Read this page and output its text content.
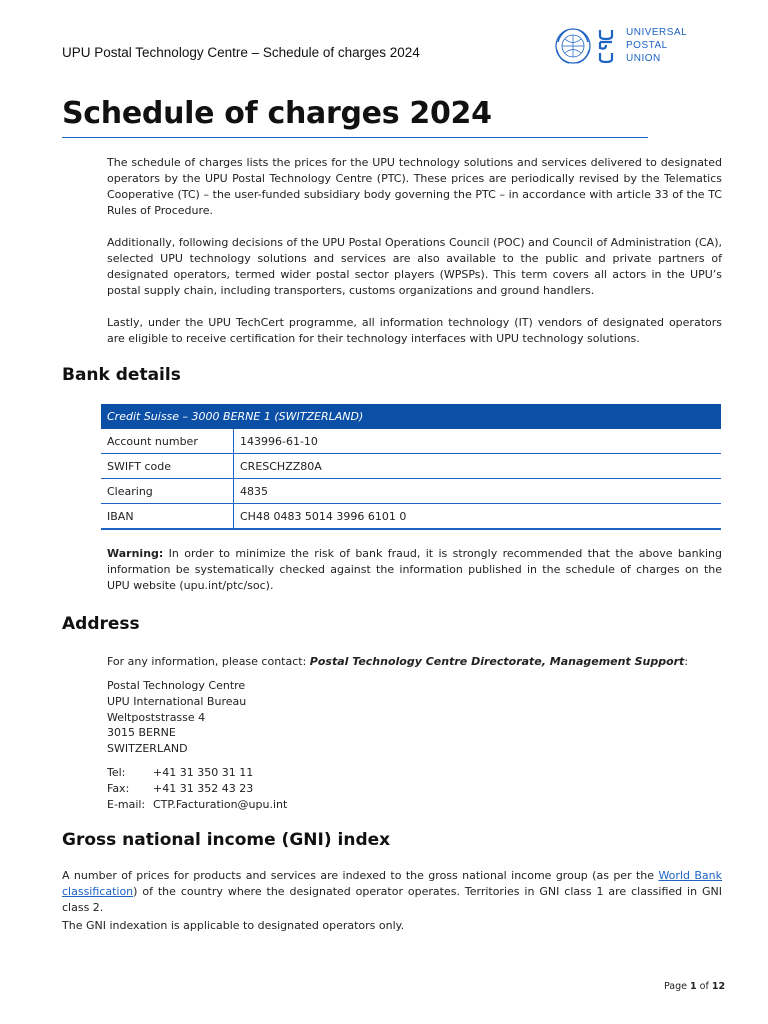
UPU Postal Technology Centre – Schedule of charges 2024
UNIVERSAL
POSTAL
UNION
Schedule of charges 2024

The schedule of charges lists the prices for the UPU technology solutions and services delivered to designated operators by the UPU Postal Technology Centre (PTC). These prices are periodically revised by the Telematics Cooperative (TC) – the user-funded subsidiary body governing the PTC – in accordance with article 33 of the TC Rules of Procedure.

Additionally, following decisions of the UPU Postal Operations Council (POC) and Council of Administration (CA), selected UPU technology solutions and services are also available to the public and private partners of designated operators, termed wider postal sector players (WPSPs). This term covers all actors in the UPU’s postal supply chain, including transporters, customs organizations and ground handlers.

Lastly, under the UPU TechCert programme, all information technology (IT) vendors of designated operators are eligible to receive certification for their technology interfaces with UPU technology solutions.

Bank details
Credit Suisse – 3000 BERNE 1 (SWITZERLAND)	
Account number	143996-61-10
SWIFT code	CRESCHZZ80A
Clearing	4835
IBAN	CH48 0483 5014 3996 6101 0

Warning: In order to minimize the risk of bank fraud, it is strongly recommended that the above banking information be systematically checked against the information published in the schedule of charges on the UPU website (upu.int/ptc/soc).

Address
For any information, please contact: Postal Technology Centre Directorate, Management Support:
Postal Technology Centre
UPU International Bureau
Weltpoststrasse 4
3015 BERNE
SWITZERLAND
Tel:	+41 31 350 31 11
Fax:	+41 31 352 43 23
E-mail: CTP.Facturation@upu.int
Gross national income (GNI) index

A number of prices for products and services are indexed to the gross national income group (as per the World Bank classification) of the country where the designated operator operates. Territories in GNI class 1 are classified in GNI class 2.

The GNI indexation is applicable to designated operators only.

Page 1 of 12
